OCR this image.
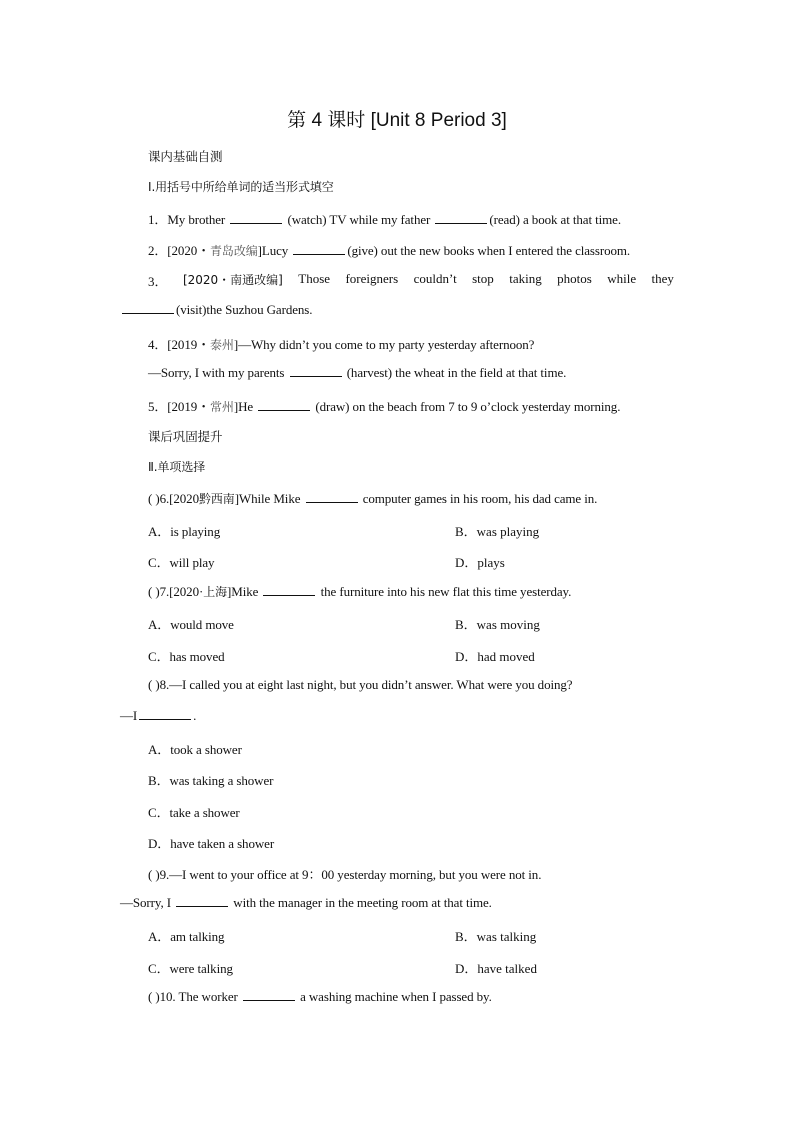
第 4 课时 [Unit 8 Period 3]
课内基础自测
Ⅰ.用括号中所给单词的适当形式填空
1．My brother	(watch) TV while my father	(read) a book at that time.
2．[2020・青岛改编]Lucy	(give) out the new books when I entered the classroom.
3． [2020・南通改编] Those foreigners couldn’t stop taking photos while they
(visit)the Suzhou Gardens.
4．[2019・泰州]—Why didn’t you come to my party yesterday afternoon?
—Sorry, I with my parents	(harvest) the wheat in the field at that time.
5．[2019・常州]He	(draw) on the beach from 7 to 9 o’clock yesterday morning.
课后巩固提升
Ⅱ.单项选择
( )6.[2020黔西南]While Mike	computer games in his room, his dad came in.
A．is playing	B．was playing
C．will play	D．plays
( )7.[2020·上海]Mike	the furniture into his new flat this time yesterday.
A．would move	B．was moving
C．has moved	D．had moved
( )8.—I called you at eight last night, but you didn’t answer. What were you doing?
—I	.
A．took a shower
B．was taking a shower
C．take a shower
D．have taken a shower
( )9.—I went to your office at 9：00 yesterday morning, but you were not in.
—Sorry, I	with the manager in the meeting room at that time.
A．am talking	B．was talking
C．were talking	D．have talked
( )10. The worker	a washing machine when I passed by.
